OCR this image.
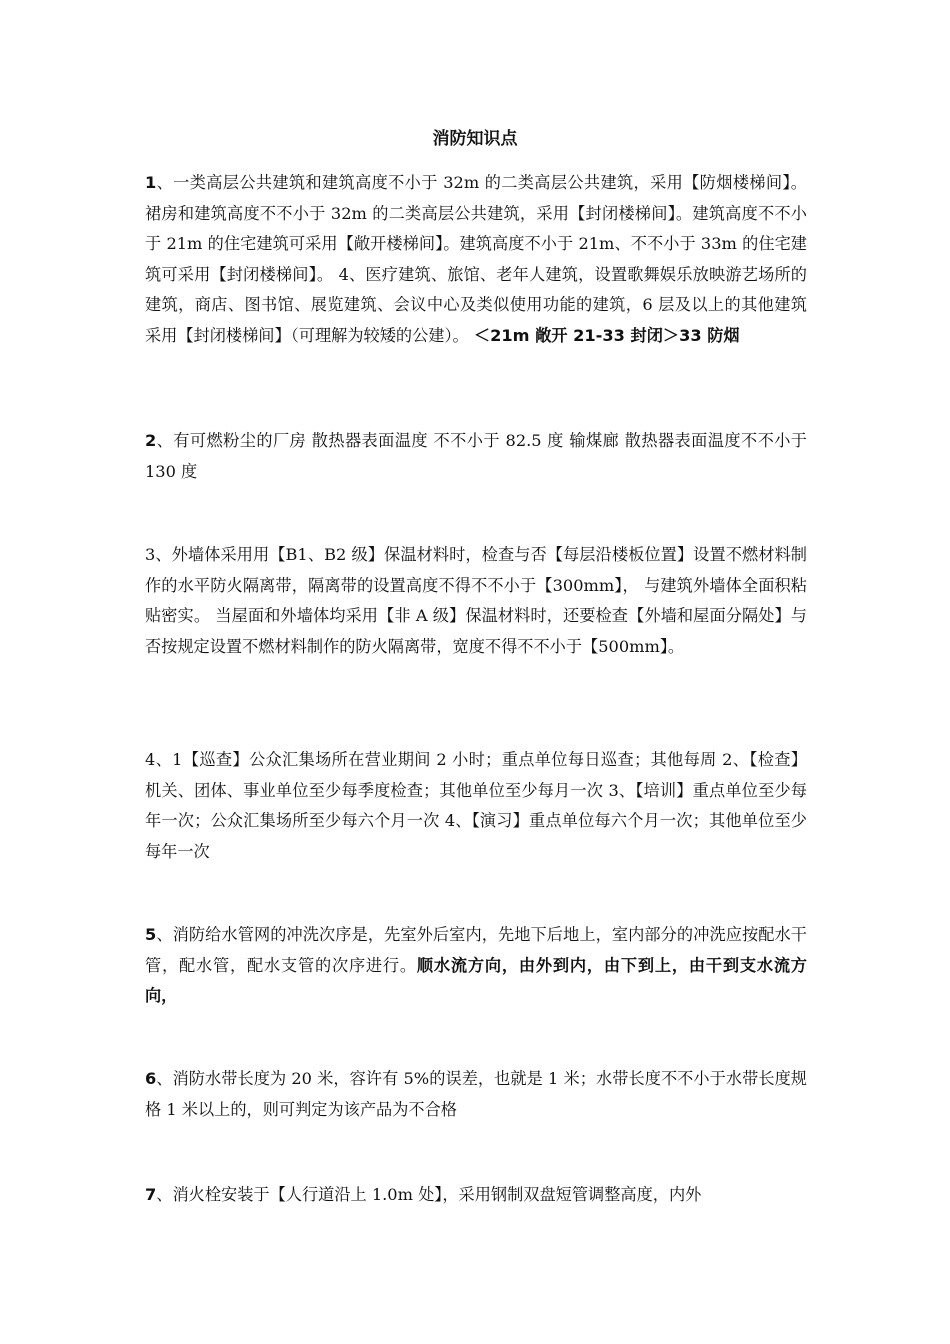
消防知识点

1、一类高层公共建筑和建筑高度不小于 32m 的二类高层公共建筑，采用【防烟楼梯间】。裙房和建筑高度不不小于 32m 的二类高层公共建筑，采用【封闭楼梯间】。建筑高度不不小于 21m 的住宅建筑可采用【敞开楼梯间】。建筑高度不小于 21m、不不小于 33m 的住宅建筑可采用【封闭楼梯间】。 4、医疗建筑、旅馆、老年人建筑，设置歌舞娱乐放映游艺场所的建筑，商店、图书馆、展览建筑、会议中心及类似使用功能的建筑，6 层及以上的其他建筑采用【封闭楼梯间】（可理解为较矮的公建）。 ＜21m 敞开 21-33 封闭＞33 防烟

2、有可燃粉尘的厂房 散热器表面温度 不不小于 82.5 度 输煤廊 散热器表面温度不不小于 130 度

3、外墙体采用用【B1、B2 级】保温材料时，检查与否【每层沿楼板位置】设置不燃材料制作的水平防火隔离带，隔离带的设置高度不得不不小于【300mm】， 与建筑外墙体全面积粘贴密实。 当屋面和外墙体均采用【非 A 级】保温材料时，还要检查【外墙和屋面分隔处】与否按规定设置不燃材料制作的防火隔离带，宽度不得不不小于【500mm】。

4、1【巡查】公众汇集场所在营业期间 2 小时；重点单位每日巡查；其他每周 2、【检查】机关、团体、事业单位至少每季度检查；其他单位至少每月一次 3、【培训】重点单位至少每年一次；公众汇集场所至少每六个月一次 4、【演习】重点单位每六个月一次；其他单位至少每年一次

5、消防给水管网的冲洗次序是，先室外后室内，先地下后地上，室内部分的冲洗应按配水干管，配水管，配水支管的次序进行。顺水流方向，由外到内，由下到上，由干到支水流方向，

6、消防水带长度为 20 米，容许有 5%的误差，也就是 1 米；水带长度不不小于水带长度规格 1 米以上的，则可判定为该产品为不合格

7、消火栓安装于【人行道沿上 1.0m 处】，采用钢制双盘短管调整高度，内外
